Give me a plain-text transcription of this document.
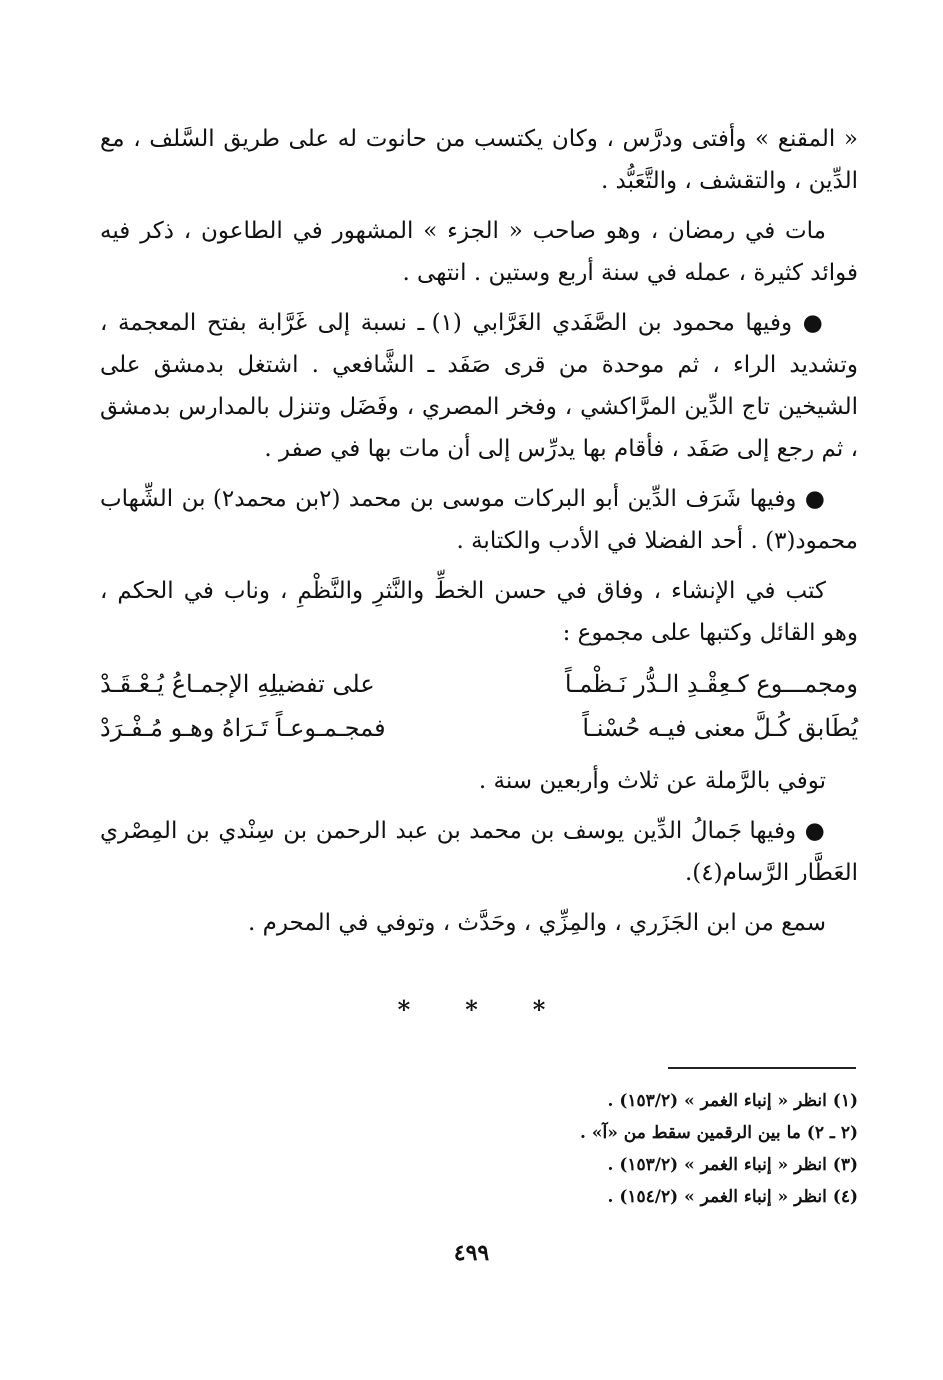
« المقنع » وأفتى ودرَّس ، وكان يكتسب من حانوت له على طريق السَّلف ، مع الدِّين ، والتقشف ، والتَّعَبُّد .

مات في رمضان ، وهو صاحب « الجزء » المشهور في الطاعون ، ذكر فيه فوائد كثيرة ، عمله في سنة أربع وستين . انتهى .

● وفيها محمود بن الصَّفَدي الغَرَّابي (١) ـ نسبة إلى غَرَّابة بفتح المعجمة ، وتشديد الراء ، ثم موحدة من قرى صَفَد ـ الشَّافعي . اشتغل بدمشق على الشيخين تاج الدِّين المرَّاكشي ، وفخر المصري ، وفَضَل وتنزل بالمدارس بدمشق ، ثم رجع إلى صَفَد ، فأقام بها يدرِّس إلى أن مات بها في صفر .

● وفيها شَرَف الدِّين أبو البركات موسى بن محمد (٢بن محمد٢) بن الشِّهاب محمود(٣) . أحد الفضلا في الأدب والكتابة .

كتب في الإنشاء ، وفاق في حسن الخطِّ والنَّثرِ والنَّظْمِ ، وناب في الحكم ، وهو القائل وكتبها على مجموع :

ومجمـــوع كـعِقْـدِ الـدُّر نَـظْمـاً
على تفضيلِهِ الإجمـاعُ يُـعْـقَـدْ
يُطَابق كُـلَّ معنى فيـه حُسْنـاً
فمجـمـوعـاً تَـرَاهُ وهـو مُـفْـرَدْ

توفي بالرَّملة عن ثلاث وأربعين سنة .

● وفيها جَمالُ الدِّين يوسف بن محمد بن عبد الرحمن بن سِنْدي بن المِصْري العَطَّار الرَّسام(٤).

سمع من ابن الجَزَري ، والمِزِّي ، وحَدَّث ، وتوفي في المحرم .

* * *
(١) انظر « إنباء الغمر » (١٥٣/٢) .
(٢ ـ ٢) ما بين الرقمين سقط من «آ» .
(٣) انظر « إنباء الغمر » (١٥٣/٢) .
(٤) انظر « إنباء الغمر » (١٥٤/٢) .
٤٩٩
